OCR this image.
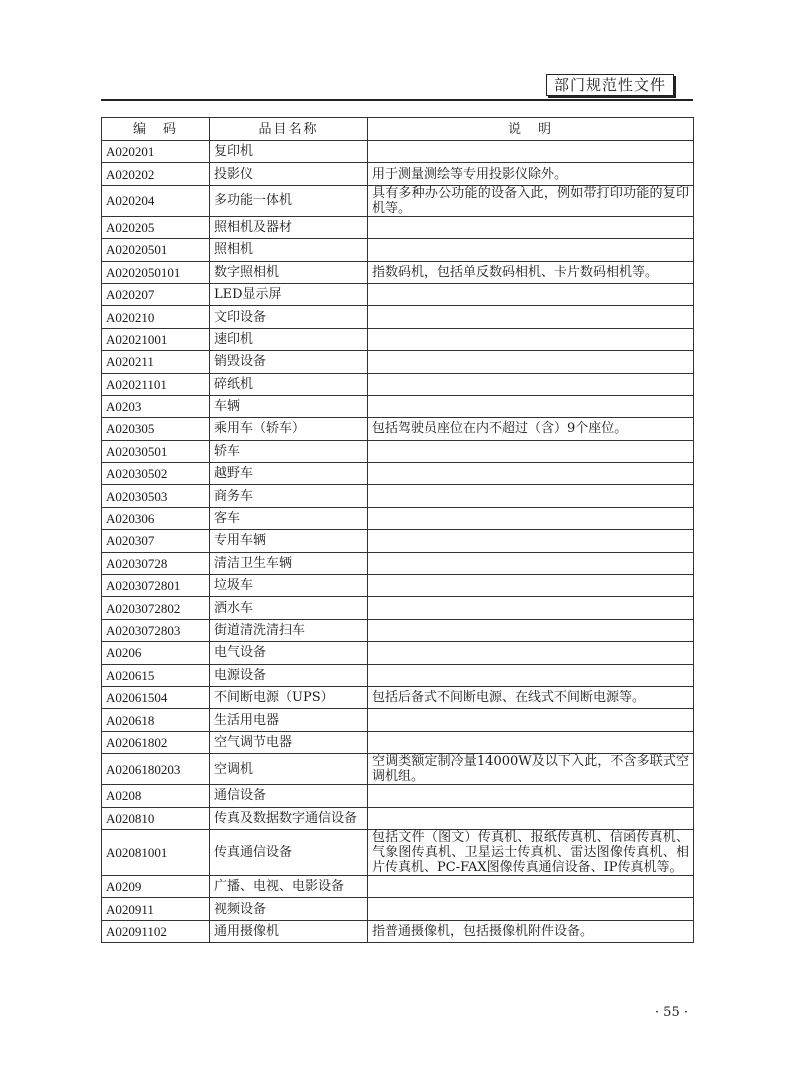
部门规范性文件
编　码	品目名称	说　明
A020201	复印机	
A020202	投影仪	用于测量测绘等专用投影仪除外。
A020204	多功能一体机	具有多种办公功能的设备入此，例如带打印功能的复印机等。
A020205	照相机及器材	
A02020501	照相机	
A0202050101	数字照相机	指数码机，包括单反数码相机、卡片数码相机等。
A020207	LED显示屏	
A020210	文印设备	
A02021001	速印机	
A020211	销毁设备	
A02021101	碎纸机	
A0203	车辆	
A020305	乘用车（轿车）	包括驾驶员座位在内不超过（含）9个座位。
A02030501	轿车	
A02030502	越野车	
A02030503	商务车	
A020306	客车	
A020307	专用车辆	
A02030728	清洁卫生车辆	
A0203072801	垃圾车	
A0203072802	洒水车	
A0203072803	街道清洗清扫车	
A0206	电气设备	
A020615	电源设备	
A02061504	不间断电源（UPS）	包括后备式不间断电源、在线式不间断电源等。
A020618	生活用电器	
A02061802	空气调节电器	
A0206180203	空调机	空调类额定制冷量14000W及以下入此，不含多联式空调机组。
A0208	通信设备	
A020810	传真及数据数字通信设备	
A02081001	传真通信设备	包括文件（图文）传真机、报纸传真机、信函传真机、气象图传真机、卫星运士传真机、雷达图像传真机、相片传真机、PC-FAX图像传真通信设备、IP传真机等。
A0209	广播、电视、电影设备	
A020911	视频设备	
A02091102	通用摄像机	指普通摄像机，包括摄像机附件设备。
· 55 ·
